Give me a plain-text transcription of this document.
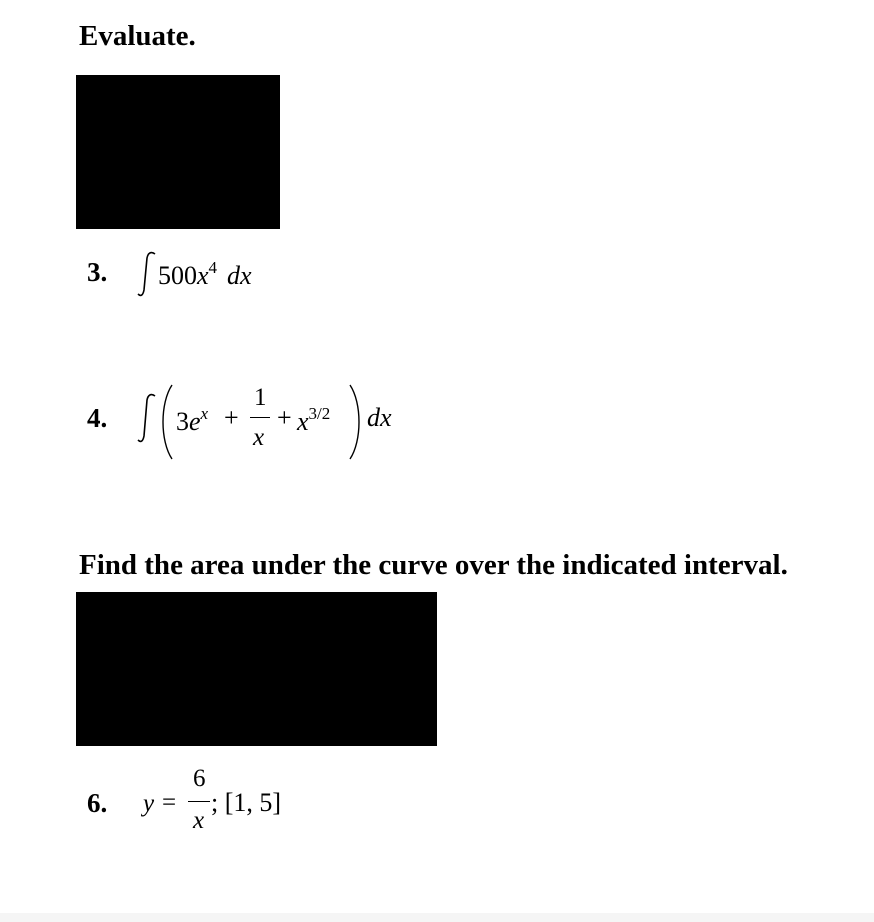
Evaluate.
3. $500x^4$ dx
4.	$3e^x$ +
1
x
+ $x^{3/2}$ dx
Find the area under the curve over the indicated interval.
6. y =
6
x
; [1, 5]
